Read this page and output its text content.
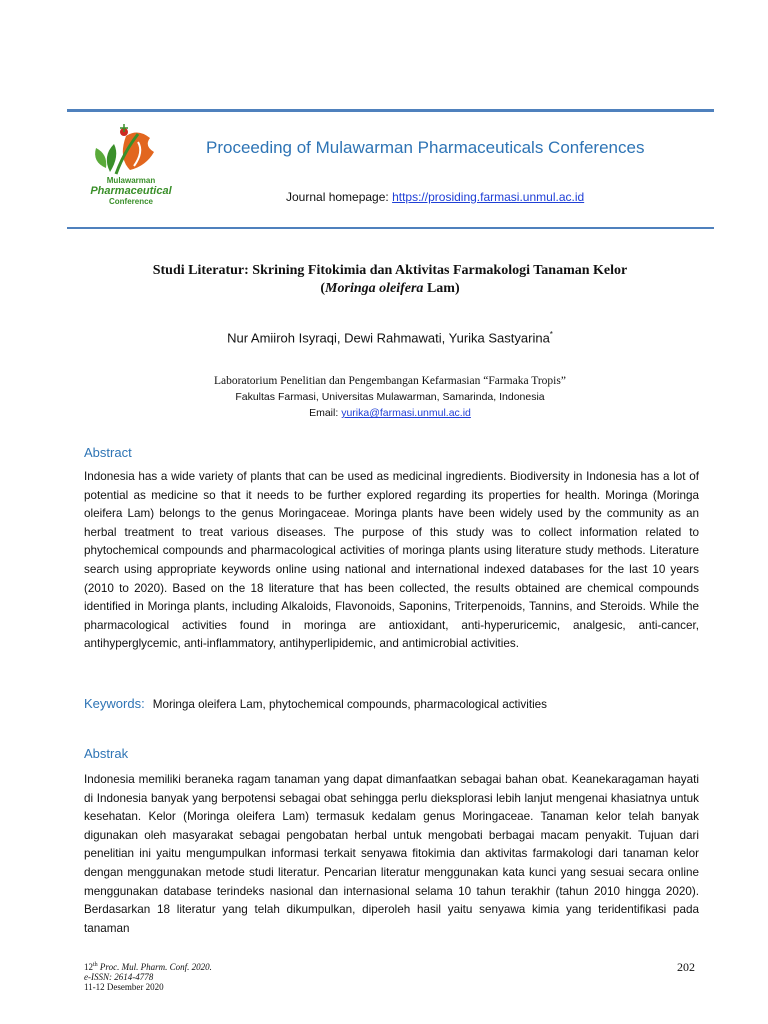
Mulawarman
Pharmaceutical
Conference
Proceeding of Mulawarman Pharmaceuticals Conferences
Journal homepage: https://prosiding.farmasi.unmul.ac.id
Studi Literatur: Skrining Fitokimia dan Aktivitas Farmakologi Tanaman Kelor
(Moringa oleifera Lam)
Nur Amiiroh Isyraqi, Dewi Rahmawati, Yurika Sastyarina*
Laboratorium Penelitian dan Pengembangan Kefarmasian “Farmaka Tropis”
Fakultas Farmasi, Universitas Mulawarman, Samarinda, Indonesia
Email: yurika@farmasi.unmul.ac.id
Abstract

Indonesia has a wide variety of plants that can be used as medicinal ingredients. Biodiversity in Indonesia has a lot of potential as medicine so that it needs to be further explored regarding its properties for health. Moringa (Moringa oleifera Lam) belongs to the genus Moringaceae. Moringa plants have been widely used by the community as an herbal treatment to treat various diseases. The purpose of this study was to collect information related to phytochemical compounds and pharmacological activities of moringa plants using literature study methods. Literature search using appropriate keywords online using national and international indexed databases for the last 10 years (2010 to 2020). Based on the 18 literature that has been collected, the results obtained are chemical compounds identified in Moringa plants, including Alkaloids, Flavonoids, Saponins, Triterpenoids, Tannins, and Steroids. While the pharmacological activities found in moringa are antioxidant, anti-hyperuricemic, analgesic, anti-cancer, antihyperglycemic, anti-inflammatory, antihyperlipidemic, and antimicrobial activities.

Keywords: Moringa oleifera Lam, phytochemical compounds, pharmacological activities
Abstrak

Indonesia memiliki beraneka ragam tanaman yang dapat dimanfaatkan sebagai bahan obat. Keanekaragaman hayati di Indonesia banyak yang berpotensi sebagai obat sehingga perlu dieksplorasi lebih lanjut mengenai khasiatnya untuk kesehatan. Kelor (Moringa oleifera Lam) termasuk kedalam genus Moringaceae. Tanaman kelor telah banyak digunakan oleh masyarakat sebagai pengobatan herbal untuk mengobati berbagai macam penyakit. Tujuan dari penelitian ini yaitu mengumpulkan informasi terkait senyawa fitokimia dan aktivitas farmakologi dari tanaman kelor dengan menggunakan metode studi literatur. Pencarian literatur menggunakan kata kunci yang sesuai secara online menggunakan database terindeks nasional dan internasional selama 10 tahun terakhir (tahun 2010 hingga 2020). Berdasarkan 18 literatur yang telah dikumpulkan, diperoleh hasil yaitu senyawa kimia yang teridentifikasi pada tanaman

12th Proc. Mul. Pharm. Conf. 2020.
e-ISSN: 2614-4778
11-12 Desember 2020
202
